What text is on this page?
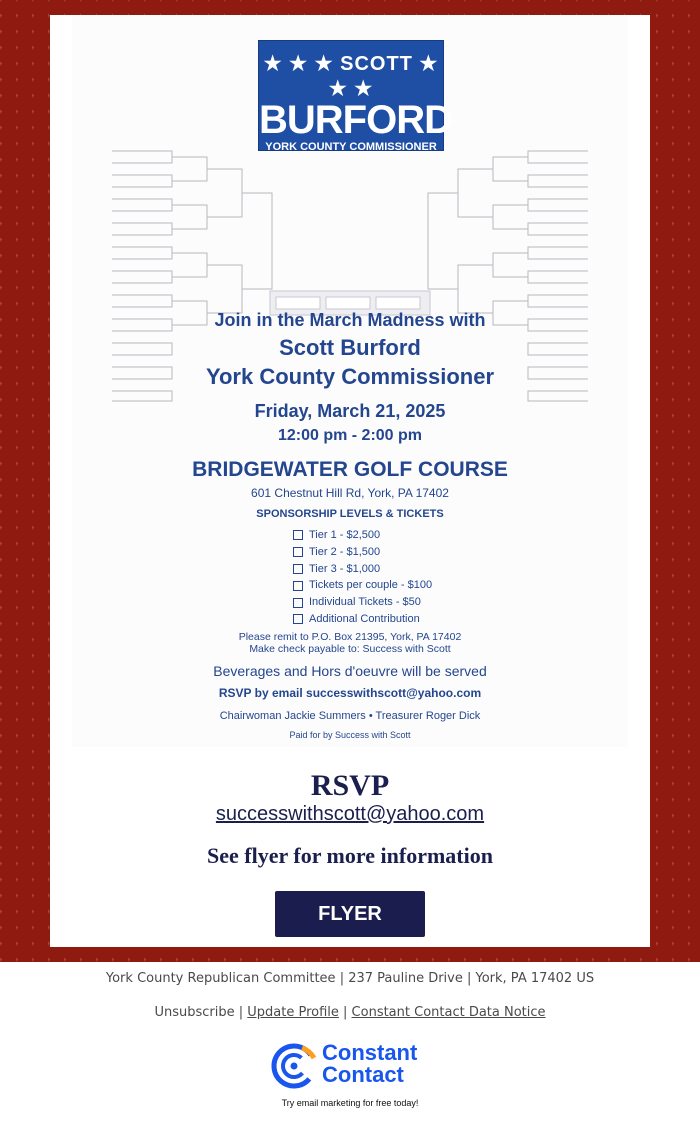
★ ★ ★ SCOTT ★ ★ ★
BURFORD
YORK COUNTY COMMISSIONER
Join in the March Madness with
Scott Burford
York County Commissioner
Friday, March 21, 2025
12:00 pm - 2:00 pm
BRIDGEWATER GOLF COURSE
601 Chestnut Hill Rd, York, PA 17402
SPONSORSHIP LEVELS & TICKETS
Tier 1 - $2,500
Tier 2 - $1,500
Tier 3 - $1,000
Tickets per couple - $100
Individual Tickets - $50
Additional Contribution
Please remit to P.O. Box 21395, York, PA 17402
Make check payable to: Success with Scott
Beverages and Hors d'oeuvre will be served
RSVP by email successwithscott@yahoo.com
Chairwoman Jackie Summers • Treasurer Roger Dick
Paid for by Success with Scott
RSVP
successwithscott@yahoo.com
See flyer for more information
FLYER
York County Republican Committee | 237 Pauline Drive | York, PA 17402 US
Unsubscribe | Update Profile | Constant Contact Data Notice
Constant
Contact
Try email marketing for free today!
